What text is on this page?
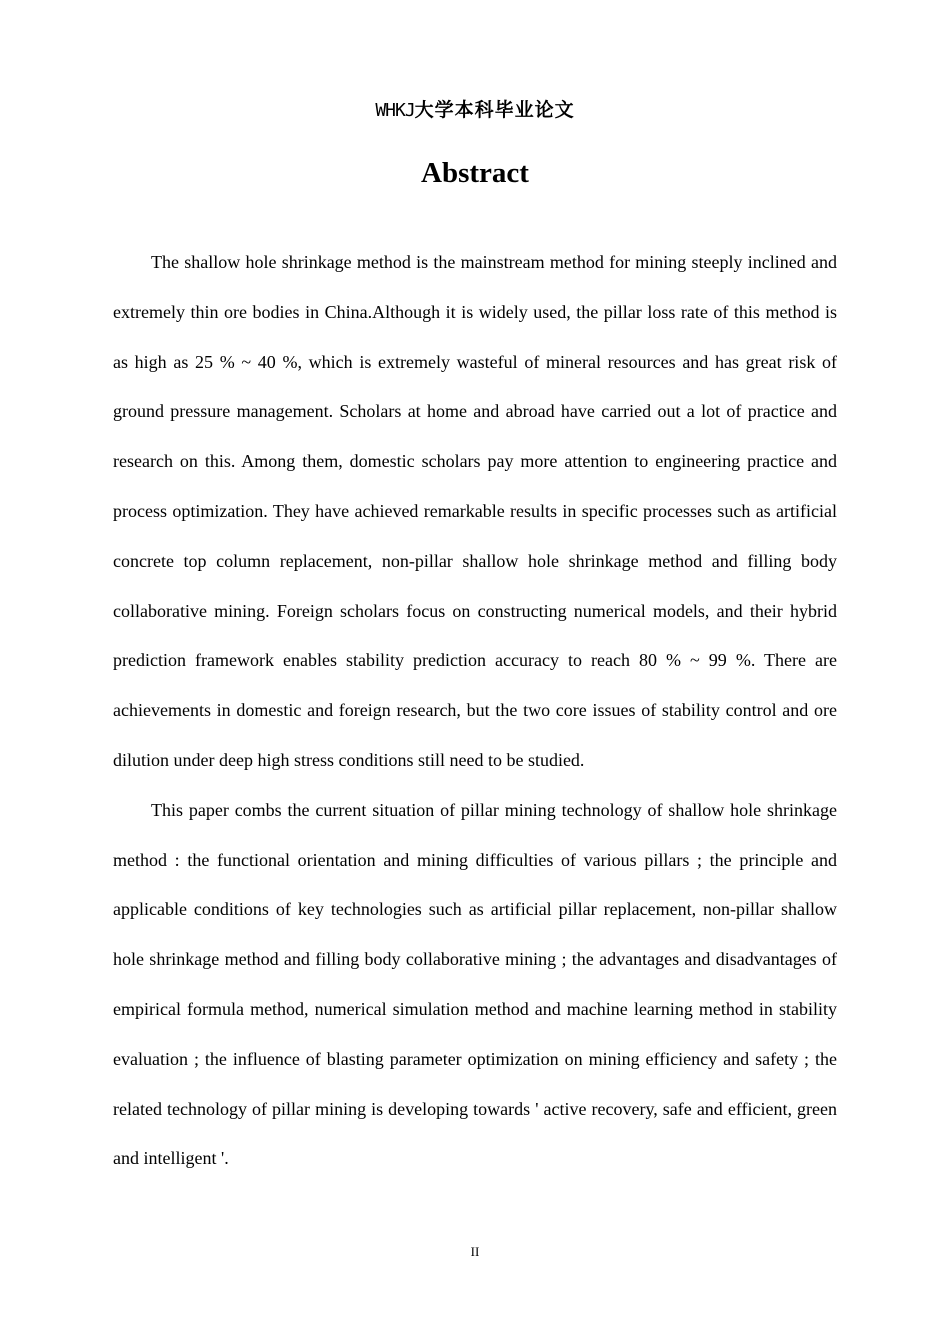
WHKJ大学本科毕业论文
Abstract

The shallow hole shrinkage method is the mainstream method for mining steeply inclined and extremely thin ore bodies in China.Although it is widely used, the pillar loss rate of this method is as high as 25 % ~ 40 %, which is extremely wasteful of mineral resources and has great risk of ground pressure management. Scholars at home and abroad have carried out a lot of practice and research on this. Among them, domestic scholars pay more attention to engineering practice and process optimization. They have achieved remarkable results in specific processes such as artificial concrete top column replacement, non-pillar shallow hole shrinkage method and filling body collaborative mining. Foreign scholars focus on constructing numerical models, and their hybrid prediction framework enables stability prediction accuracy to reach 80 % ~ 99 %. There are achievements in domestic and foreign research, but the two core issues of stability control and ore dilution under deep high stress conditions still need to be studied.

This paper combs the current situation of pillar mining technology of shallow hole shrinkage method : the functional orientation and mining difficulties of various pillars ; the principle and applicable conditions of key technologies such as artificial pillar replacement, non-pillar shallow hole shrinkage method and filling body collaborative mining ; the advantages and disadvantages of empirical formula method, numerical simulation method and machine learning method in stability evaluation ; the influence of blasting parameter optimization on mining efficiency and safety ; the related technology of pillar mining is developing towards ' active recovery, safe and efficient, green and intelligent '.

II
